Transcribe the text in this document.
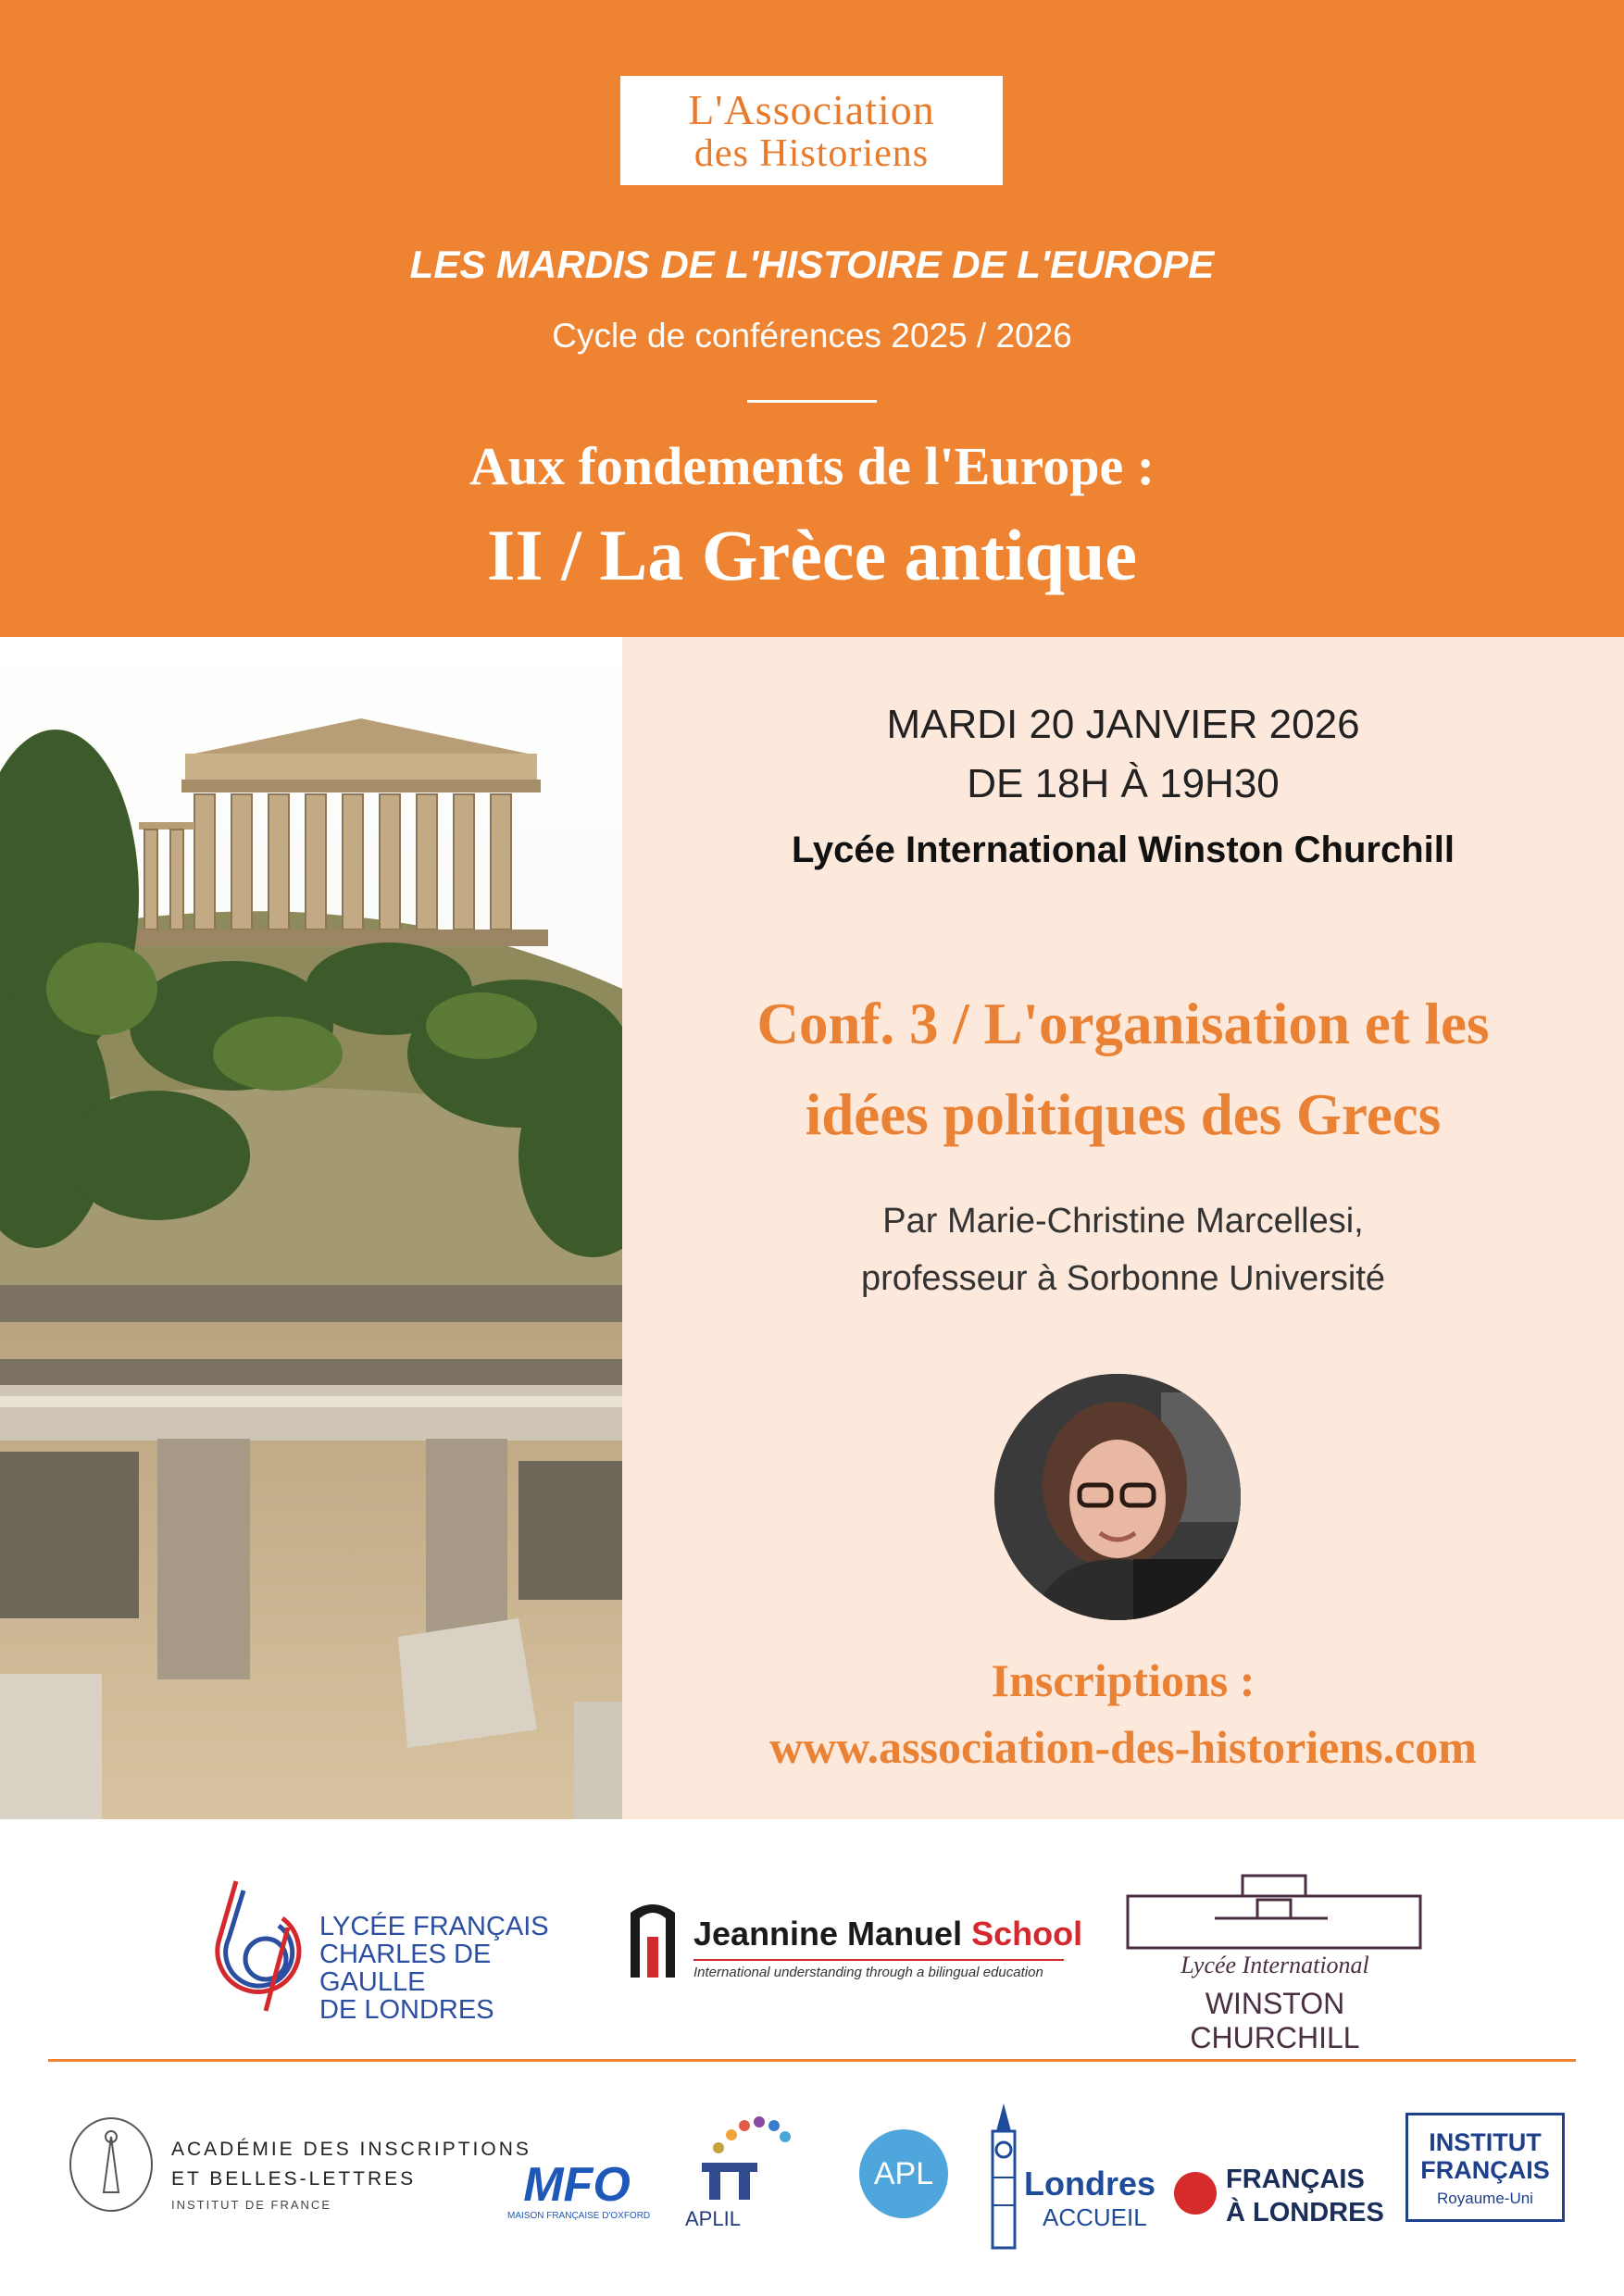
L'Association
des Historiens
LES MARDIS DE L'HISTOIRE DE L'EUROPE
Cycle de conférences 2025 / 2026
Aux fondements de l'Europe :
II / La Grèce antique
MARDI 20 JANVIER 2026
DE 18H À 19H30
Lycée International Winston Churchill
Conf. 3 / L'organisation et les
idées politiques des Grecs
Par Marie-Christine Marcellesi,
professeur à Sorbonne Université
Inscriptions :
www.association-des-historiens.com
LYCÉE FRANÇAIS
CHARLES DE GAULLE
DE LONDRES
Jeannine Manuel School
International understanding through a bilingual education	Lycée International
WINSTON CHURCHILL
ACADÉMIE DES INSCRIPTIONS
ET BELLES-LETTRES
INSTITUT DE FRANCE	MFO
MAISON FRANÇAISE D'OXFORD APLIL
APL	Londres
ACCUEIL
FRANÇAIS
À LONDRES
INSTITUT
FRANÇAIS
Royaume-Uni
